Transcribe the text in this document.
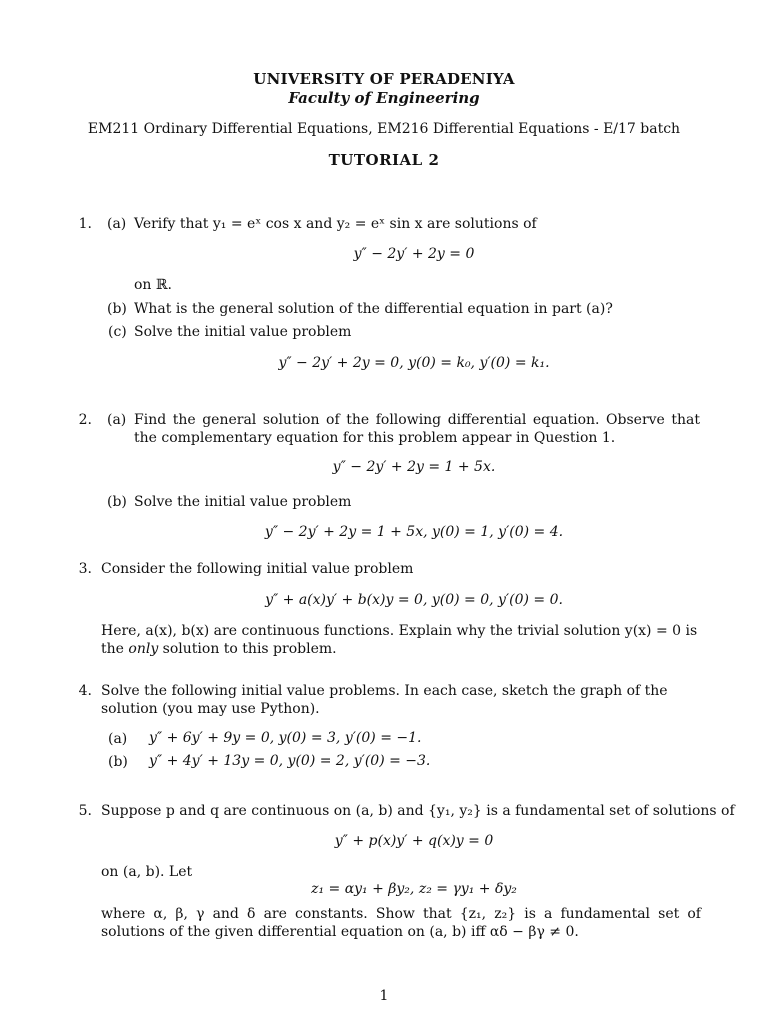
UNIVERSITY OF PERADENIYA
Faculty of Engineering
EM211 Ordinary Differential Equations, EM216 Differential Equations - E/17 batch
TUTORIAL 2
1. (a) Verify that y₁ = eˣ cos x and y₂ = eˣ sin x are solutions of
y″ − 2y′ + 2y = 0
on ℝ.
(b) What is the general solution of the differential equation in part (a)?
(c) Solve the initial value problem
y″ − 2y′ + 2y = 0, y(0) = k₀, y′(0) = k₁.
2. (a) Find the general solution of the following differential equation. Observe that the complementary equation for this problem appear in Question 1.
y″ − 2y′ + 2y = 1 + 5x.
(b) Solve the initial value problem
y″ − 2y′ + 2y = 1 + 5x, y(0) = 1, y′(0) = 4.
3. Consider the following initial value problem
y″ + a(x)y′ + b(x)y = 0, y(0) = 0, y′(0) = 0.
Here, a(x), b(x) are continuous functions. Explain why the trivial solution y(x) = 0 is the only solution to this problem.
4. Solve the following initial value problems. In each case, sketch the graph of the solution (you may use Python).
(a) y″ + 6y′ + 9y = 0, y(0) = 3, y′(0) = −1.
(b) y″ + 4y′ + 13y = 0, y(0) = 2, y′(0) = −3.
5. Suppose p and q are continuous on (a, b) and {y₁, y₂} is a fundamental set of solutions of
y″ + p(x)y′ + q(x)y = 0
on (a, b). Let
z₁ = αy₁ + βy₂, z₂ = γy₁ + δy₂
where α, β, γ and δ are constants. Show that {z₁, z₂} is a fundamental set of solutions of the given differential equation on (a, b) iff αδ − βγ ≠ 0.
1
